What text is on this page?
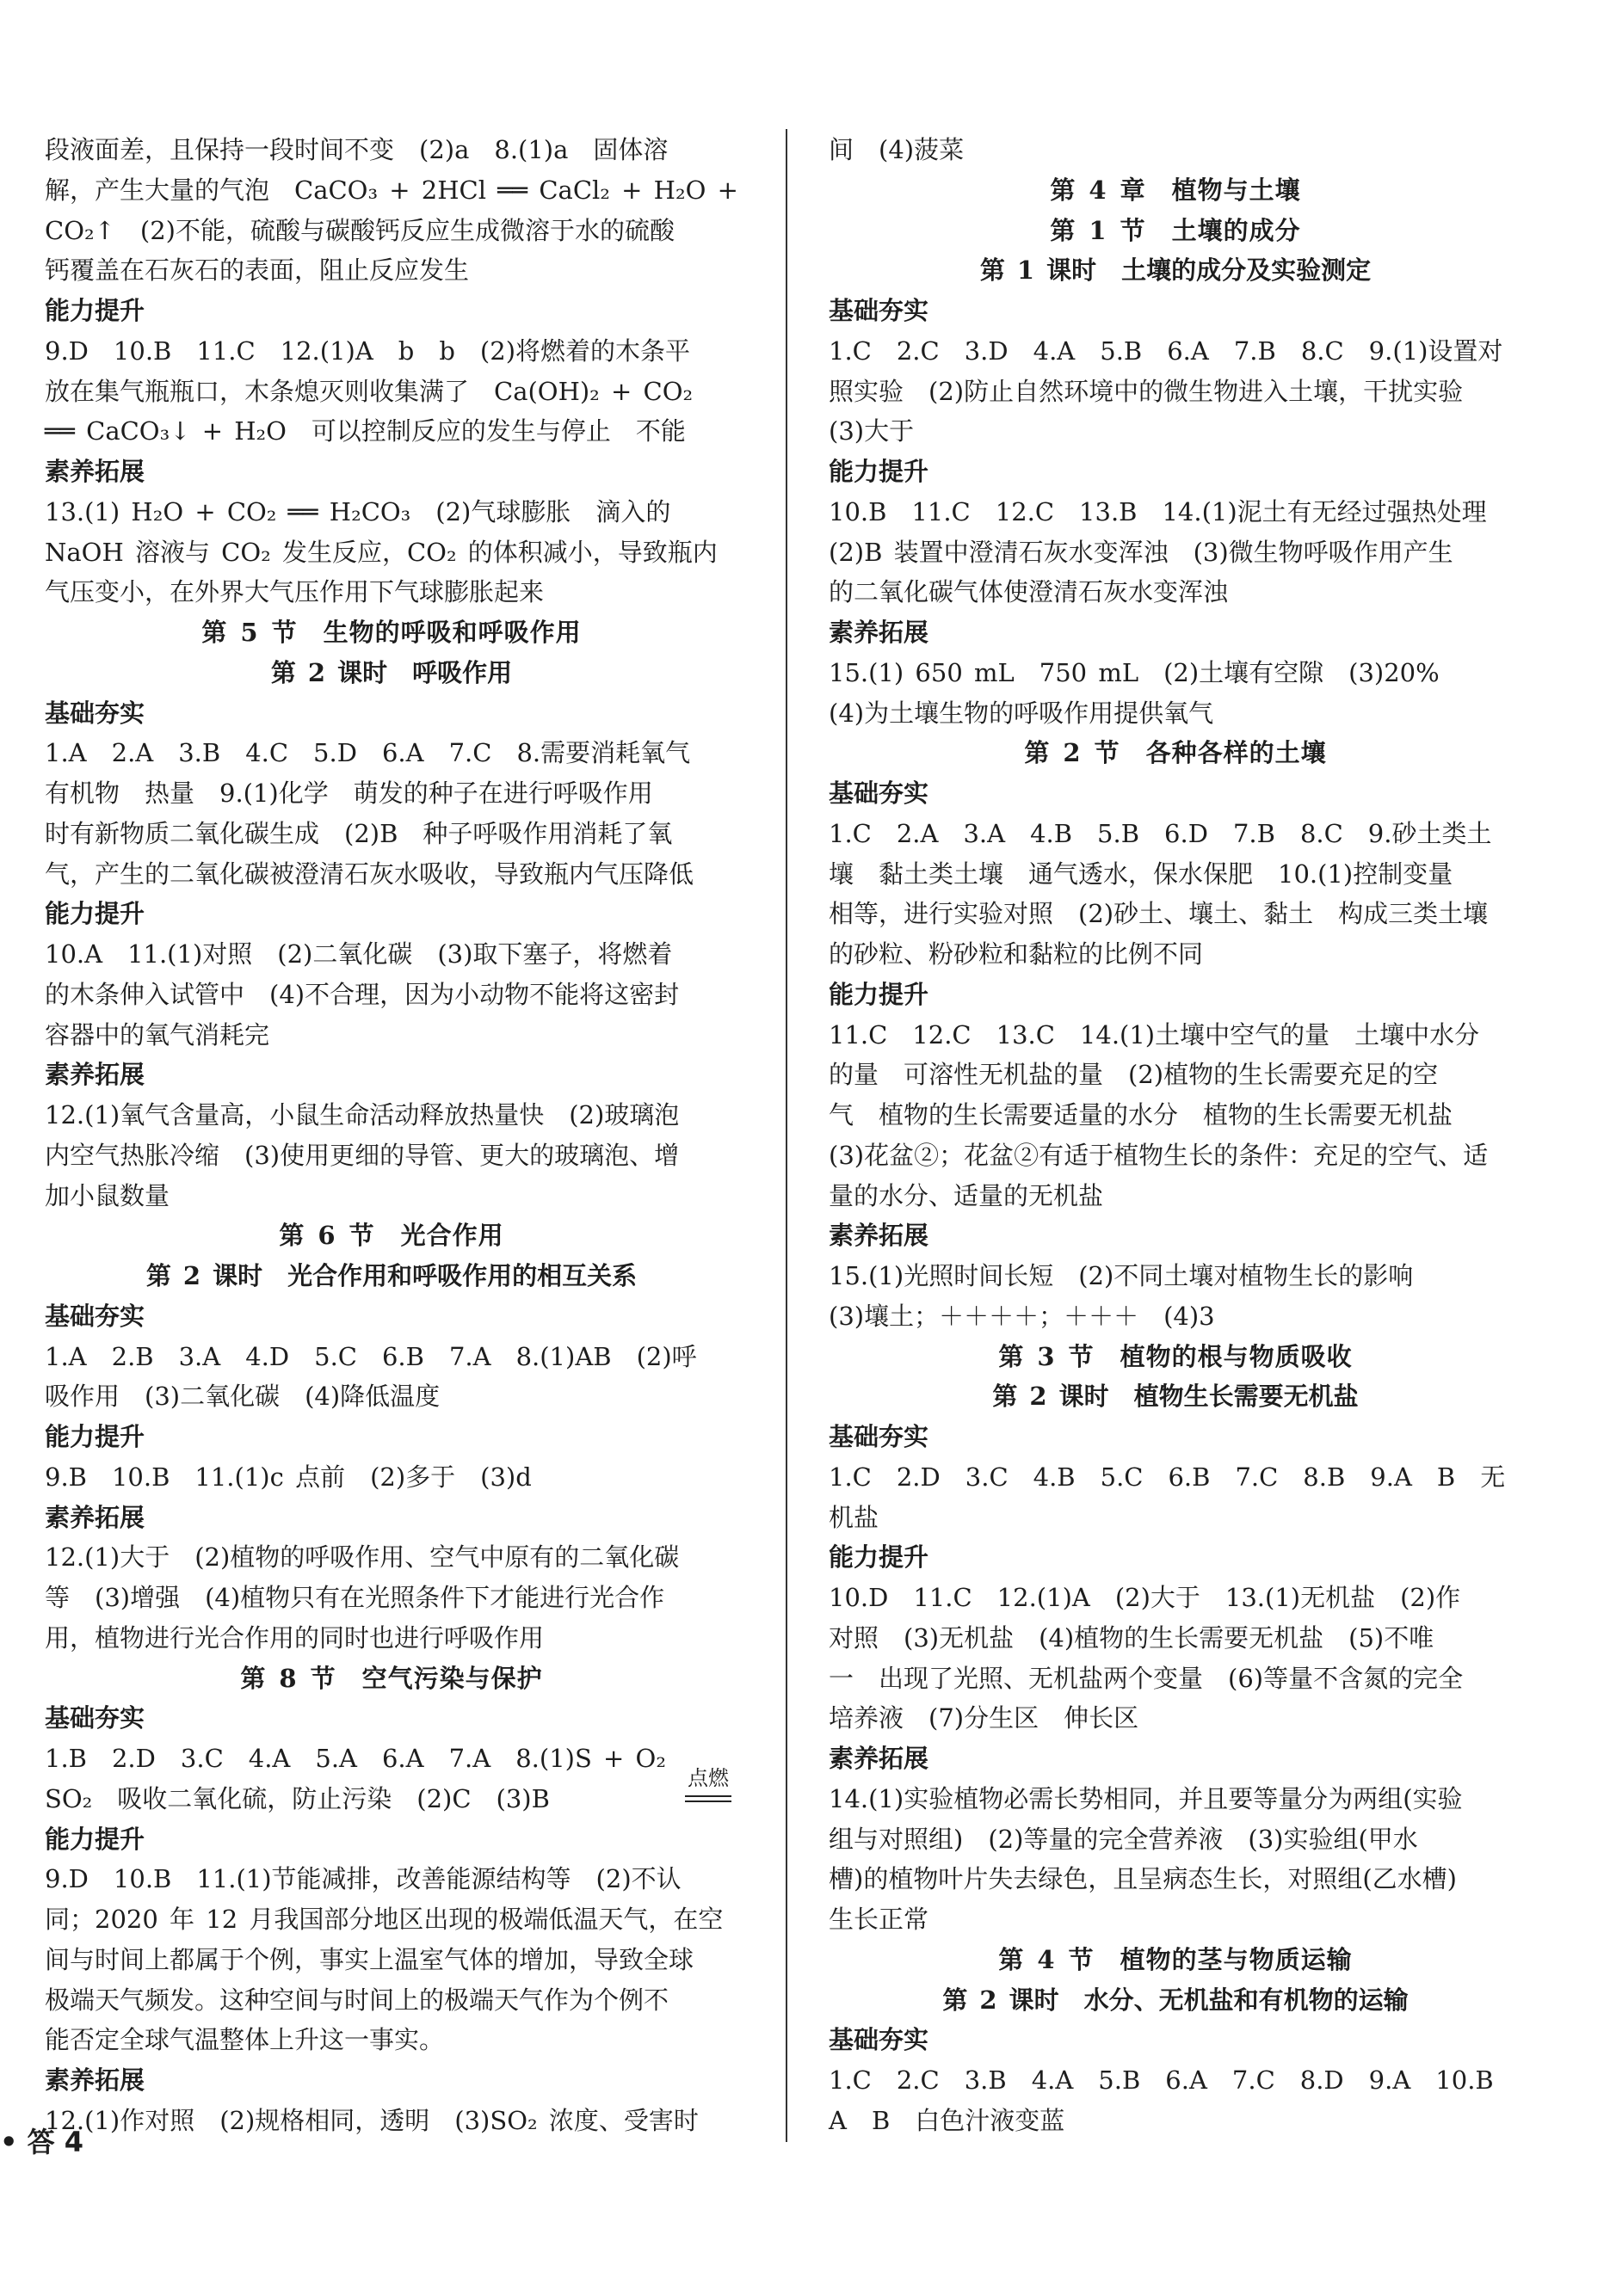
段液面差，且保持一段时间不变　(2)a　8.(1)a　固体溶
解，产生大量的气泡　CaCO₃ + 2HCl ══ CaCl₂ + H₂O +
CO₂↑　(2)不能，硫酸与碳酸钙反应生成微溶于水的硫酸
钙覆盖在石灰石的表面，阻止反应发生
能力提升
9.D　10.B　11.C　12.(1)A　b　b　(2)将燃着的木条平
放在集气瓶瓶口，木条熄灭则收集满了　Ca(OH)₂ + CO₂
══ CaCO₃↓ + H₂O　可以控制反应的发生与停止　不能
素养拓展
13.(1) H₂O + CO₂ ══ H₂CO₃　(2)气球膨胀　滴入的
NaOH 溶液与 CO₂ 发生反应，CO₂ 的体积减小，导致瓶内
气压变小，在外界大气压作用下气球膨胀起来
第 5 节　生物的呼吸和呼吸作用
第 2 课时　呼吸作用
基础夯实
1.A　2.A　3.B　4.C　5.D　6.A　7.C　8.需要消耗氧气
有机物　热量　9.(1)化学　萌发的种子在进行呼吸作用
时有新物质二氧化碳生成　(2)B　种子呼吸作用消耗了氧
气，产生的二氧化碳被澄清石灰水吸收，导致瓶内气压降低
能力提升
10.A　11.(1)对照　(2)二氧化碳　(3)取下塞子，将燃着
的木条伸入试管中　(4)不合理，因为小动物不能将这密封
容器中的氧气消耗完
素养拓展
12.(1)氧气含量高，小鼠生命活动释放热量快　(2)玻璃泡
内空气热胀冷缩　(3)使用更细的导管、更大的玻璃泡、增
加小鼠数量
第 6 节　光合作用
第 2 课时　光合作用和呼吸作用的相互关系
基础夯实
1.A　2.B　3.A　4.D　5.C　6.B　7.A　8.(1)AB　(2)呼
吸作用　(3)二氧化碳　(4)降低温度
能力提升
9.B　10.B　11.(1)c 点前　(2)多于　(3)d
素养拓展
12.(1)大于　(2)植物的呼吸作用、空气中原有的二氧化碳
等　(3)增强　(4)植物只有在光照条件下才能进行光合作
用，植物进行光合作用的同时也进行呼吸作用
第 8 节　空气污染与保护
基础夯实
1.B　2.D　3.C　4.A　5.A　6.A　7.A　8.(1)S + O₂
SO₂　吸收二氧化硫，防止污染　(2)C　(3)B
能力提升
9.D　10.B　11.(1)节能减排，改善能源结构等　(2)不认
同；2020 年 12 月我国部分地区出现的极端低温天气，在空
间与时间上都属于个例，事实上温室气体的增加，导致全球
极端天气频发。这种空间与时间上的极端天气作为个例不
能否定全球气温整体上升这一事实。
素养拓展
12.(1)作对照　(2)规格相同，透明　(3)SO₂ 浓度、受害时
点燃
间　(4)菠菜
第 4 章　植物与土壤
第 1 节　土壤的成分
第 1 课时　土壤的成分及实验测定
基础夯实
1.C　2.C　3.D　4.A　5.B　6.A　7.B　8.C　9.(1)设置对
照实验　(2)防止自然环境中的微生物进入土壤，干扰实验
(3)大于
能力提升
10.B　11.C　12.C　13.B　14.(1)泥土有无经过强热处理
(2)B 装置中澄清石灰水变浑浊　(3)微生物呼吸作用产生
的二氧化碳气体使澄清石灰水变浑浊
素养拓展
15.(1) 650 mL　750 mL　(2)土壤有空隙　(3)20%
(4)为土壤生物的呼吸作用提供氧气
第 2 节　各种各样的土壤
基础夯实
1.C　2.A　3.A　4.B　5.B　6.D　7.B　8.C　9.砂土类土
壤　黏土类土壤　通气透水，保水保肥　10.(1)控制变量
相等，进行实验对照　(2)砂土、壤土、黏土　构成三类土壤
的砂粒、粉砂粒和黏粒的比例不同
能力提升
11.C　12.C　13.C　14.(1)土壤中空气的量　土壤中水分
的量　可溶性无机盐的量　(2)植物的生长需要充足的空
气　植物的生长需要适量的水分　植物的生长需要无机盐
(3)花盆②；花盆②有适于植物生长的条件：充足的空气、适
量的水分、适量的无机盐
素养拓展
15.(1)光照时间长短　(2)不同土壤对植物生长的影响
(3)壤土；＋＋＋＋；＋＋＋　(4)3
第 3 节　植物的根与物质吸收
第 2 课时　植物生长需要无机盐
基础夯实
1.C　2.D　3.C　4.B　5.C　6.B　7.C　8.B　9.A　B　无
机盐
能力提升
10.D　11.C　12.(1)A　(2)大于　13.(1)无机盐　(2)作
对照　(3)无机盐　(4)植物的生长需要无机盐　(5)不唯
一　出现了光照、无机盐两个变量　(6)等量不含氮的完全
培养液　(7)分生区　伸长区
素养拓展
14.(1)实验植物必需长势相同，并且要等量分为两组(实验
组与对照组)　(2)等量的完全营养液　(3)实验组(甲水
槽)的植物叶片失去绿色，且呈病态生长，对照组(乙水槽)
生长正常
第 4 节　植物的茎与物质运输
第 2 课时　水分、无机盐和有机物的运输
基础夯实
1.C　2.C　3.B　4.A　5.B　6.A　7.C　8.D　9.A　10.B
A　B　白色汁液变蓝
• 答 4
